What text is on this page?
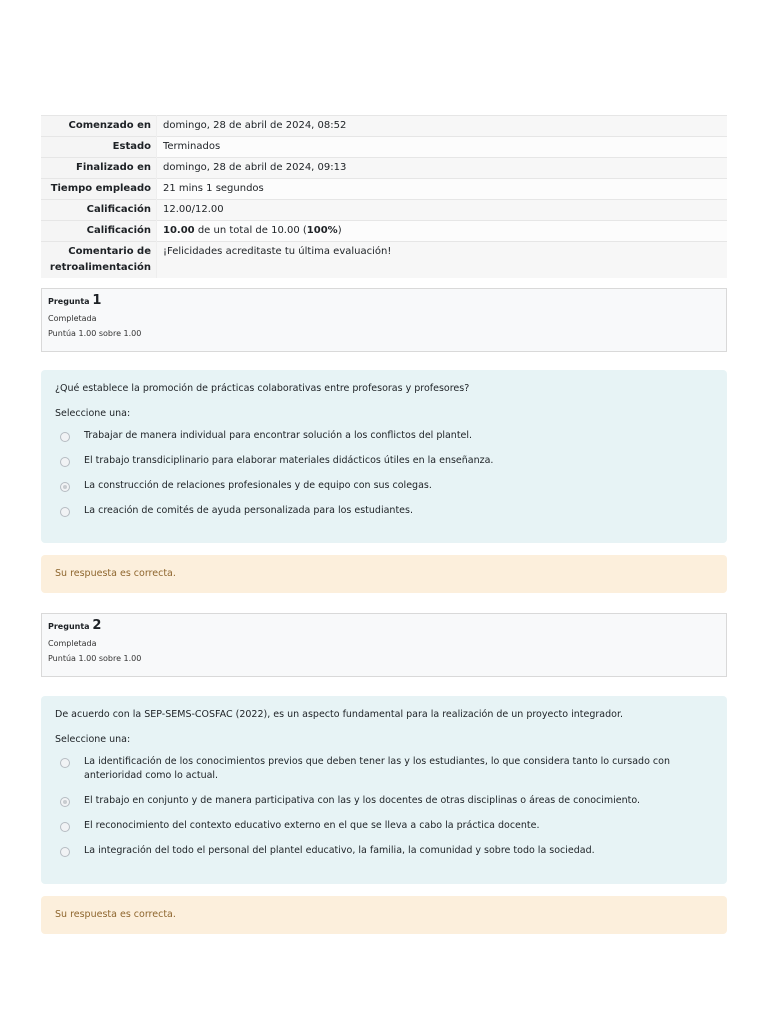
Comenzado en	domingo, 28 de abril de 2024, 08:52
Estado	Terminados
Finalizado en	domingo, 28 de abril de 2024, 09:13
Tiempo empleado	21 mins 1 segundos
Calificación	12.00/12.00
Calificación	10.00 de un total de 10.00 (100%)
Comentario de retroalimentación	¡Felicidades acreditaste tu última evaluación!
Pregunta 1
Completada
Puntúa 1.00 sobre 1.00

¿Qué establece la promoción de prácticas colaborativas entre profesoras y profesores?

Seleccione una:

Trabajar de manera individual para encontrar solución a los conflictos del plantel.
El trabajo transdiciplinario para elaborar materiales didácticos útiles en la enseñanza.
La construcción de relaciones profesionales y de equipo con sus colegas.
La creación de comités de ayuda personalizada para los estudiantes.
Su respuesta es correcta.
Pregunta 2
Completada
Puntúa 1.00 sobre 1.00

De acuerdo con la SEP-SEMS-COSFAC (2022), es un aspecto fundamental para la realización de un proyecto integrador.

Seleccione una:

La identificación de los conocimientos previos que deben tener las y los estudiantes, lo que considera tanto lo cursado con anterioridad como lo actual.
El trabajo en conjunto y de manera participativa con las y los docentes de otras disciplinas o áreas de conocimiento.
El reconocimiento del contexto educativo externo en el que se lleva a cabo la práctica docente.
La integración del todo el personal del plantel educativo, la familia, la comunidad y sobre todo la sociedad.
Su respuesta es correcta.
